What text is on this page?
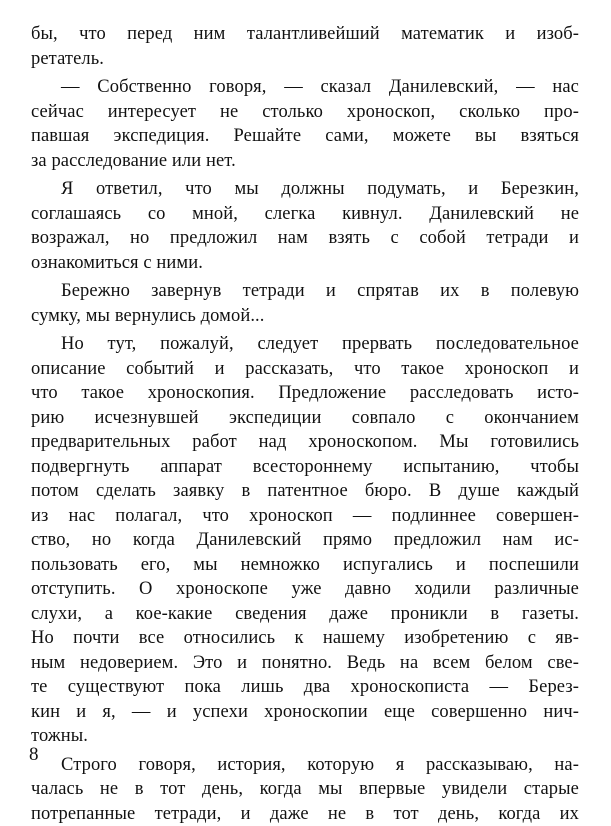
бы, что перед ним талантливейший математик и изоб-
ретатель.
— Собственно говоря, — сказал Данилевский, — нас
сейчас интересует не столько хроноскоп, сколько про-
павшая экспедиция. Решайте сами, можете вы взяться
за расследование или нет.
Я ответил, что мы должны подумать, и Березкин,
соглашаясь со мной, слегка кивнул. Данилевский не
возражал, но предложил нам взять с собой тетради и
ознакомиться с ними.
Бережно завернув тетради и спрятав их в полевую
сумку, мы вернулись домой...
Но тут, пожалуй, следует прервать последовательное
описание событий и рассказать, что такое хроноскоп и
что такое хроноскопия. Предложение расследовать исто-
рию исчезнувшей экспедиции совпало с окончанием
предварительных работ над хроноскопом. Мы готовились
подвергнуть аппарат всестороннему испытанию, чтобы
потом сделать заявку в патентное бюро. В душе каждый
из нас полагал, что хроноскоп — подлиннее совершен-
ство, но когда Данилевский прямо предложил нам ис-
пользовать его, мы немножко испугались и поспешили
отступить. О хроноскопе уже давно ходили различные
слухи, а кое-какие сведения даже проникли в газеты.
Но почти все относились к нашему изобретению с яв-
ным недоверием. Это и понятно. Ведь на всем белом све-
те существуют пока лишь два хроноскописта — Берез-
кин и я, — и успехи хроноскопии еще совершенно нич-
тожны.
Строго говоря, история, которую я рассказываю, на-
чалась не в тот день, когда мы впервые увидели старые
потрепанные тетради, и даже не в тот день, когда их
8
